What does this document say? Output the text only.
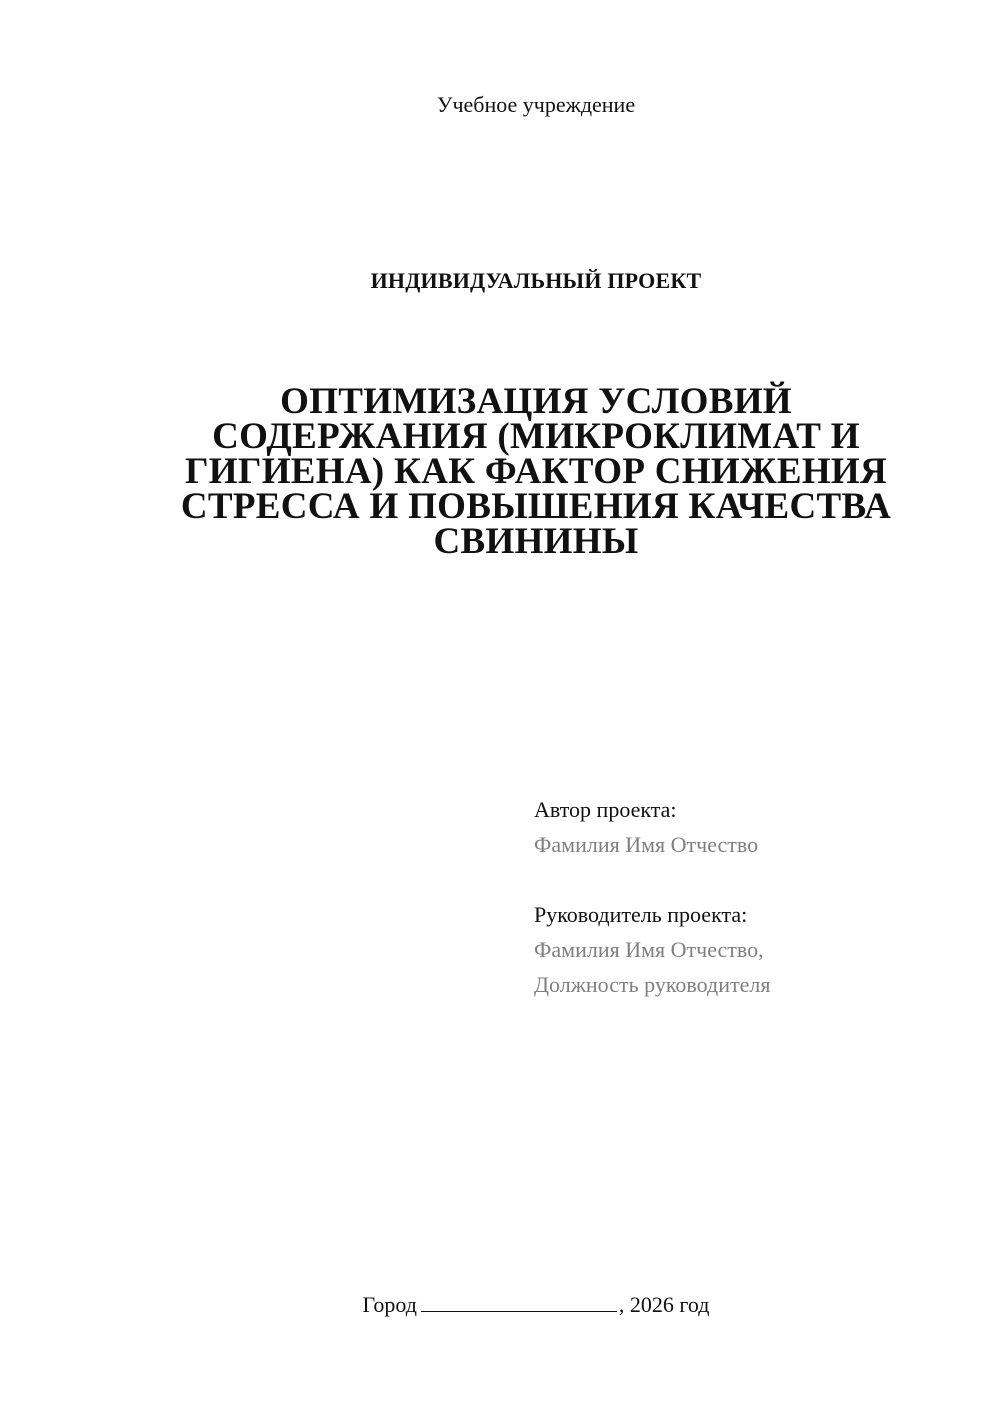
Учебное учреждение
ИНДИВИДУАЛЬНЫЙ ПРОЕКТ
ОПТИМИЗАЦИЯ УСЛОВИЙ
СОДЕРЖАНИЯ (МИКРОКЛИМАТ И
ГИГИЕНА) КАК ФАКТОР СНИЖЕНИЯ
СТРЕССА И ПОВЫШЕНИЯ КАЧЕСТВА
СВИНИНЫ
Автор проекта:
Фамилия Имя Отчество
Руководитель проекта:
Фамилия Имя Отчество,
Должность руководителя
Город	, 2026 год
